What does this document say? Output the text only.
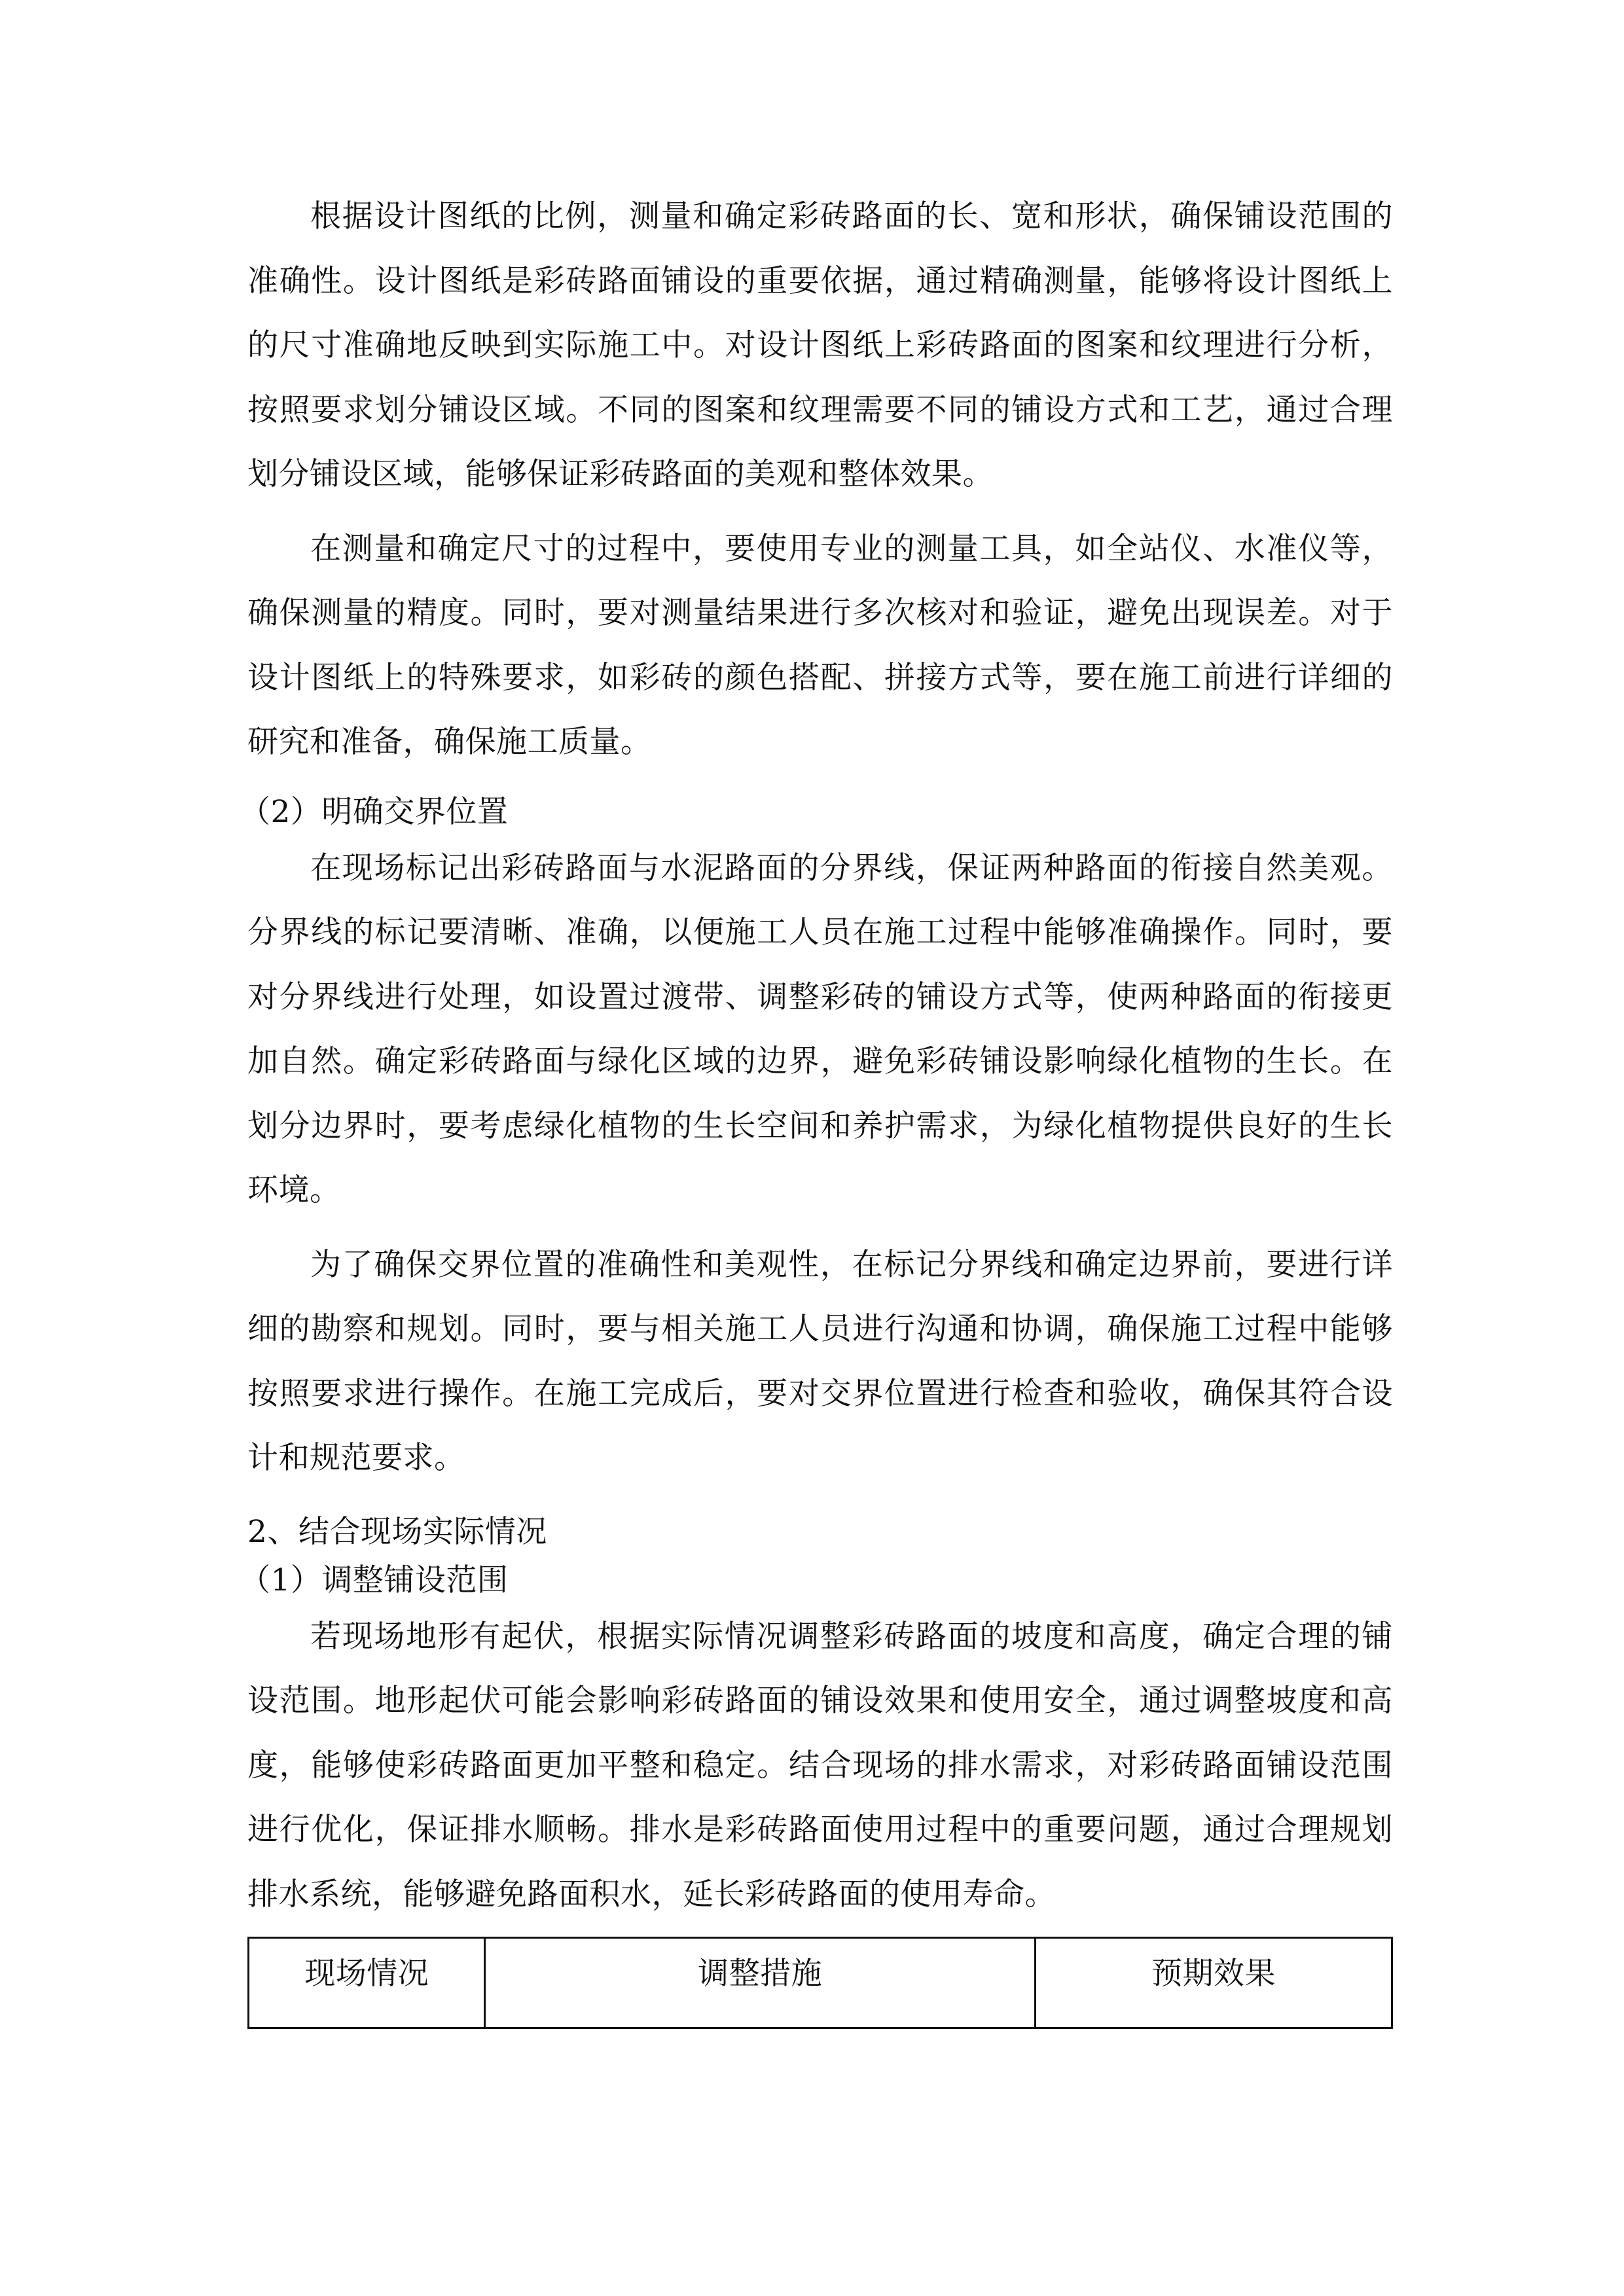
根据设计图纸的比例，测量和确定彩砖路面的长、宽和形状，确保铺设范围的准确性。设计图纸是彩砖路面铺设的重要依据，通过精确测量，能够将设计图纸上的尺寸准确地反映到实际施工中。对设计图纸上彩砖路面的图案和纹理进行分析，按照要求划分铺设区域。不同的图案和纹理需要不同的铺设方式和工艺，通过合理划分铺设区域，能够保证彩砖路面的美观和整体效果。

在测量和确定尺寸的过程中，要使用专业的测量工具，如全站仪、水准仪等，确保测量的精度。同时，要对测量结果进行多次核对和验证，避免出现误差。对于设计图纸上的特殊要求，如彩砖的颜色搭配、拼接方式等，要在施工前进行详细的研究和准备，确保施工质量。

（2）明确交界位置

在现场标记出彩砖路面与水泥路面的分界线，保证两种路面的衔接自然美观。分界线的标记要清晰、准确，以便施工人员在施工过程中能够准确操作。同时，要对分界线进行处理，如设置过渡带、调整彩砖的铺设方式等，使两种路面的衔接更加自然。确定彩砖路面与绿化区域的边界，避免彩砖铺设影响绿化植物的生长。在划分边界时，要考虑绿化植物的生长空间和养护需求，为绿化植物提供良好的生长环境。

为了确保交界位置的准确性和美观性，在标记分界线和确定边界前，要进行详细的勘察和规划。同时，要与相关施工人员进行沟通和协调，确保施工过程中能够按照要求进行操作。在施工完成后，要对交界位置进行检查和验收，确保其符合设计和规范要求。

2、结合现场实际情况
（1）调整铺设范围

若现场地形有起伏，根据实际情况调整彩砖路面的坡度和高度，确定合理的铺设范围。地形起伏可能会影响彩砖路面的铺设效果和使用安全，通过调整坡度和高度，能够使彩砖路面更加平整和稳定。结合现场的排水需求，对彩砖路面铺设范围进行优化，保证排水顺畅。排水是彩砖路面使用过程中的重要问题，通过合理规划排水系统，能够避免路面积水，延长彩砖路面的使用寿命。

现场情况	调整措施	预期效果
